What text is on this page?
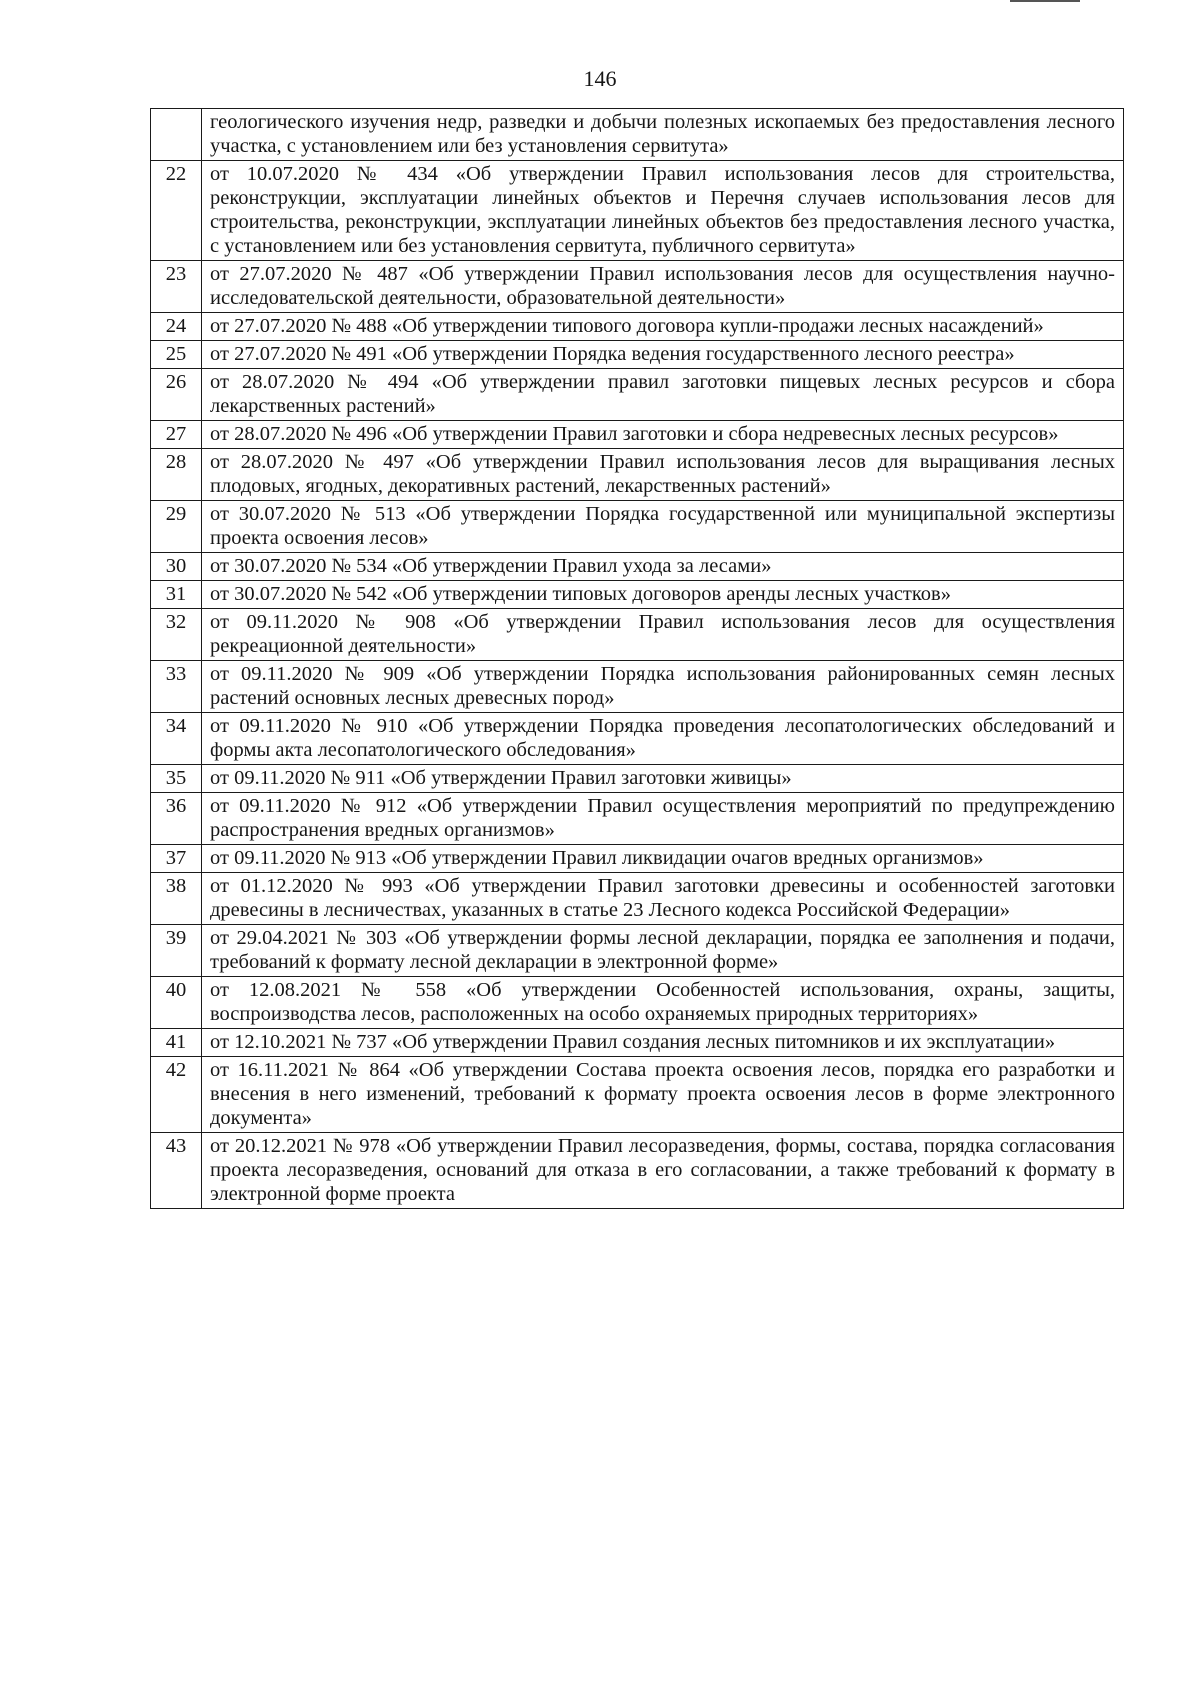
146
	геологического изучения недр, разведки и добычи полезных ископаемых без предоставления лесного участка, с установлением или без установления сервитута»
22	от 10.07.2020 № 434 «Об утверждении Правил использования лесов для строительства, реконструкции, эксплуатации линейных объектов и Перечня случаев использования лесов для строительства, реконструкции, эксплуатации линейных объектов без предоставления лесного участка, с установлением или без установления сервитута, публичного сервитута»
23	от 27.07.2020 № 487 «Об утверждении Правил использования лесов для осуществления научно-исследовательской деятельности, образовательной деятельности»
24	от 27.07.2020 № 488 «Об утверждении типового договора купли-продажи лесных насаждений»
25	от 27.07.2020 № 491 «Об утверждении Порядка ведения государственного лесного реестра»
26	от 28.07.2020 № 494 «Об утверждении правил заготовки пищевых лесных ресурсов и сбора лекарственных растений»
27	от 28.07.2020 № 496 «Об утверждении Правил заготовки и сбора недревесных лесных ресурсов»
28	от 28.07.2020 № 497 «Об утверждении Правил использования лесов для выращивания лесных плодовых, ягодных, декоративных растений, лекарственных растений»
29	от 30.07.2020 № 513 «Об утверждении Порядка государственной или муниципальной экспертизы проекта освоения лесов»
30	от 30.07.2020 № 534 «Об утверждении Правил ухода за лесами»
31	от 30.07.2020 № 542 «Об утверждении типовых договоров аренды лесных участков»
32	от 09.11.2020 № 908 «Об утверждении Правил использования лесов для осуществления рекреационной деятельности»
33	от 09.11.2020 № 909 «Об утверждении Порядка использования районированных семян лесных растений основных лесных древесных пород»
34	от 09.11.2020 № 910 «Об утверждении Порядка проведения лесопатологических обследований и формы акта лесопатологического обследования»
35	от 09.11.2020 № 911 «Об утверждении Правил заготовки живицы»
36	от 09.11.2020 № 912 «Об утверждении Правил осуществления мероприятий по предупреждению распространения вредных организмов»
37	от 09.11.2020 № 913 «Об утверждении Правил ликвидации очагов вредных организмов»
38	от 01.12.2020 № 993 «Об утверждении Правил заготовки древесины и особенностей заготовки древесины в лесничествах, указанных в статье 23 Лесного кодекса Российской Федерации»
39	от 29.04.2021 № 303 «Об утверждении формы лесной декларации, порядка ее заполнения и подачи, требований к формату лесной декларации в электронной форме»
40	от 12.08.2021 № 558 «Об утверждении Особенностей использования, охраны, защиты, воспроизводства лесов, расположенных на особо охраняемых природных территориях»
41	от 12.10.2021 № 737 «Об утверждении Правил создания лесных питомников и их эксплуатации»
42	от 16.11.2021 № 864 «Об утверждении Состава проекта освоения лесов, порядка его разработки и внесения в него изменений, требований к формату проекта освоения лесов в форме электронного документа»
43	от 20.12.2021 № 978 «Об утверждении Правил лесоразведения, формы, состава, порядка согласования проекта лесоразведения, оснований для отказа в его согласовании, а также требований к формату в электронной форме проекта
